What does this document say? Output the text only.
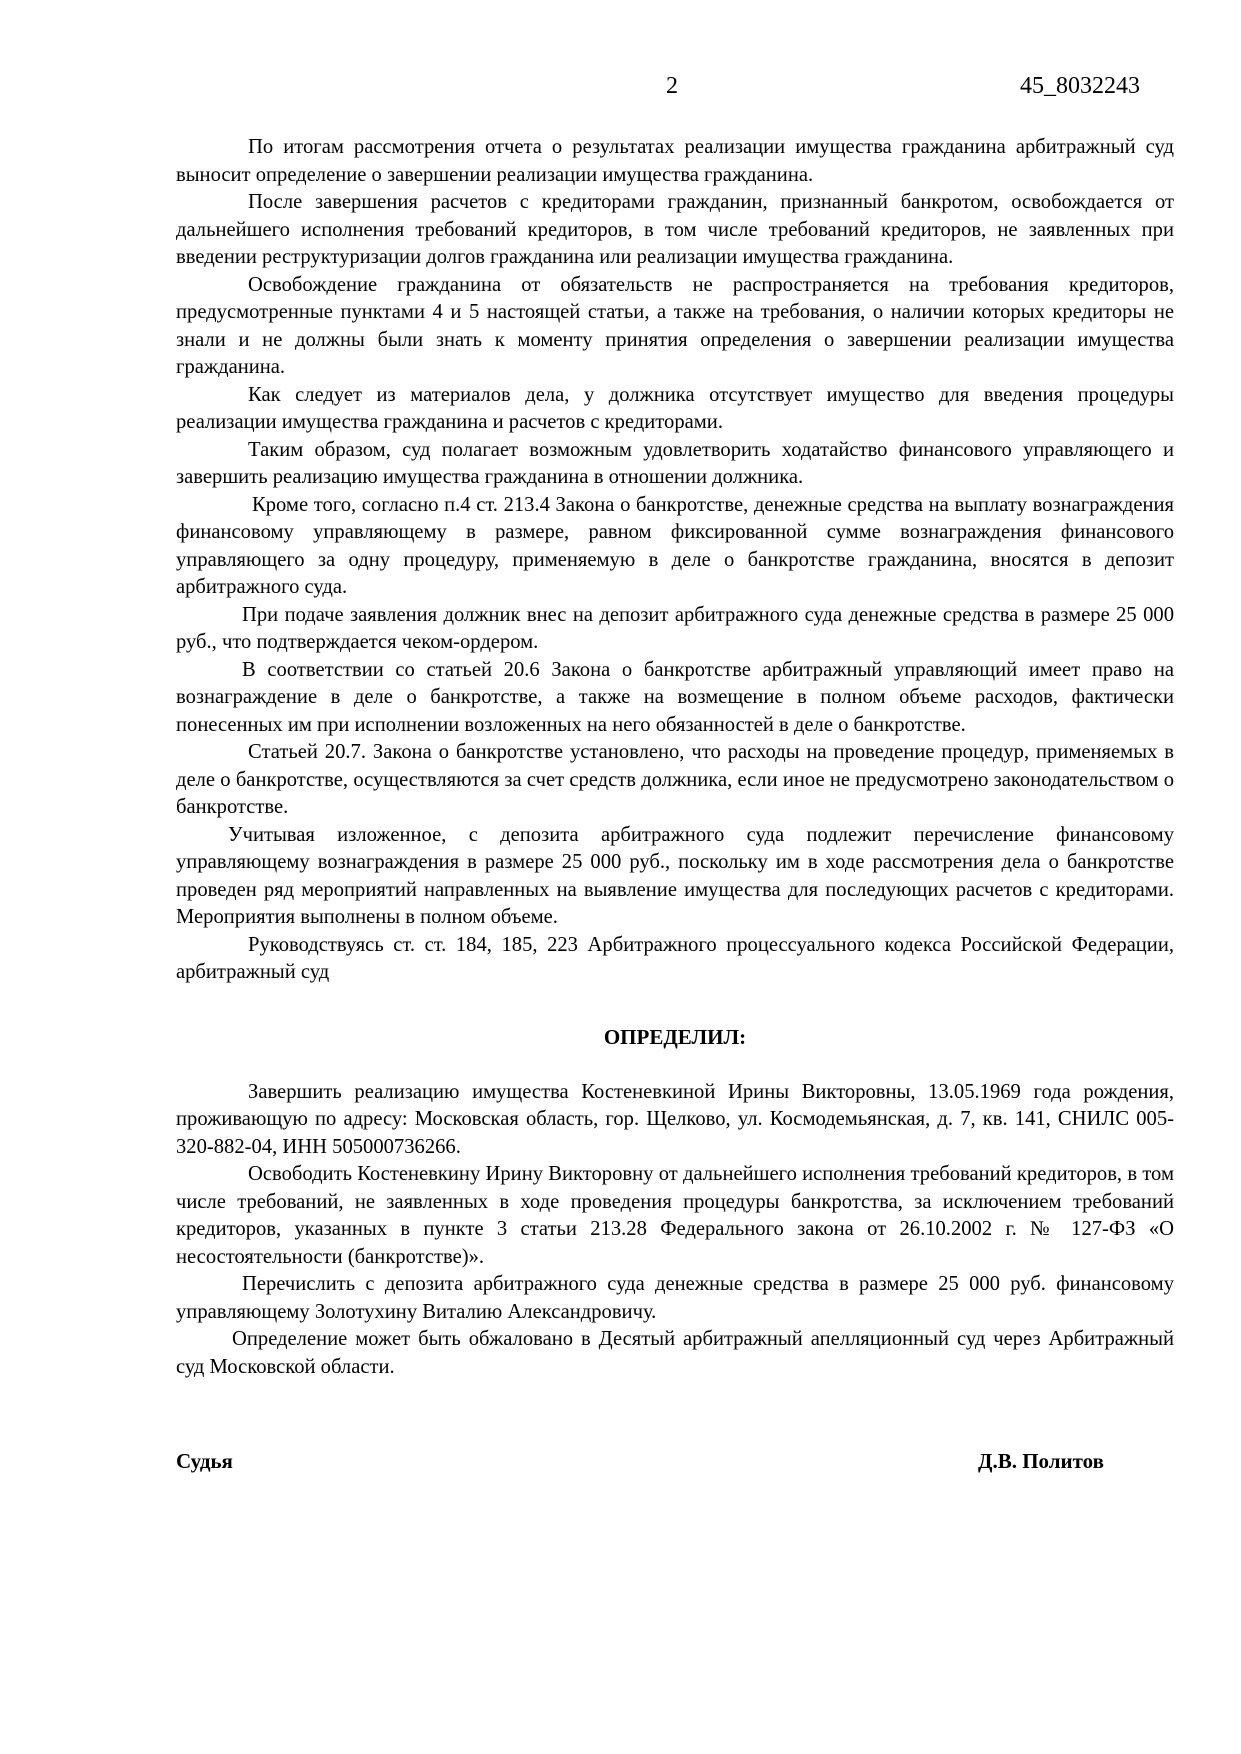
2	45_8032243

По итогам рассмотрения отчета о результатах реализации имущества гражданина арбитражный суд выносит определение о завершении реализации имущества гражданина.

После завершения расчетов с кредиторами гражданин, признанный банкротом, освобождается от дальнейшего исполнения требований кредиторов, в том числе требований кредиторов, не заявленных при введении реструктуризации долгов гражданина или реализации имущества гражданина.

Освобождение гражданина от обязательств не распространяется на требования кредиторов, предусмотренные пунктами 4 и 5 настоящей статьи, а также на требования, о наличии которых кредиторы не знали и не должны были знать к моменту принятия определения о завершении реализации имущества гражданина.

Как следует из материалов дела, у должника отсутствует имущество для введения процедуры реализации имущества гражданина и расчетов с кредиторами.

Таким образом, суд полагает возможным удовлетворить ходатайство финансового управляющего и завершить реализацию имущества гражданина в отношении должника.

Кроме того, согласно п.4 ст. 213.4 Закона о банкротстве, денежные средства на выплату вознаграждения финансовому управляющему в размере, равном фиксированной сумме вознаграждения финансового управляющего за одну процедуру, применяемую в деле о банкротстве гражданина, вносятся в депозит арбитражного суда.

При подаче заявления должник внес на депозит арбитражного суда денежные средства в размере 25 000 руб., что подтверждается чеком-ордером.

В соответствии со статьей 20.6 Закона о банкротстве арбитражный управляющий имеет право на вознаграждение в деле о банкротстве, а также на возмещение в полном объеме расходов, фактически понесенных им при исполнении возложенных на него обязанностей в деле о банкротстве.

Статьей 20.7. Закона о банкротстве установлено, что расходы на проведение процедур, применяемых в деле о банкротстве, осуществляются за счет средств должника, если иное не предусмотрено законодательством о банкротстве.

Учитывая изложенное, с депозита арбитражного суда подлежит перечисление финансовому управляющему вознаграждения в размере 25 000 руб., поскольку им в ходе рассмотрения дела о банкротстве проведен ряд мероприятий направленных на выявление имущества для последующих расчетов с кредиторами. Мероприятия выполнены в полном объеме.

Руководствуясь ст. ст. 184, 185, 223 Арбитражного процессуального кодекса Российской Федерации, арбитражный суд

ОПРЕДЕЛИЛ:

Завершить реализацию имущества Костеневкиной Ирины Викторовны, 13.05.1969 года рождения, проживающую по адресу: Московская область, гор. Щелково, ул. Космодемьянская, д. 7, кв. 141, СНИЛС 005-320-882-04, ИНН 505000736266.

Освободить Костеневкину Ирину Викторовну от дальнейшего исполнения требований кредиторов, в том числе требований, не заявленных в ходе проведения процедуры банкротства, за исключением требований кредиторов, указанных в пункте 3 статьи 213.28 Федерального закона от 26.10.2002 г. № 127-ФЗ «О несостоятельности (банкротстве)».

Перечислить с депозита арбитражного суда денежные средства в размере 25 000 руб. финансовому управляющему Золотухину Виталию Александровичу.

Определение может быть обжаловано в Десятый арбитражный апелляционный суд через Арбитражный суд Московской области.

Судья	Д.В. Политов
